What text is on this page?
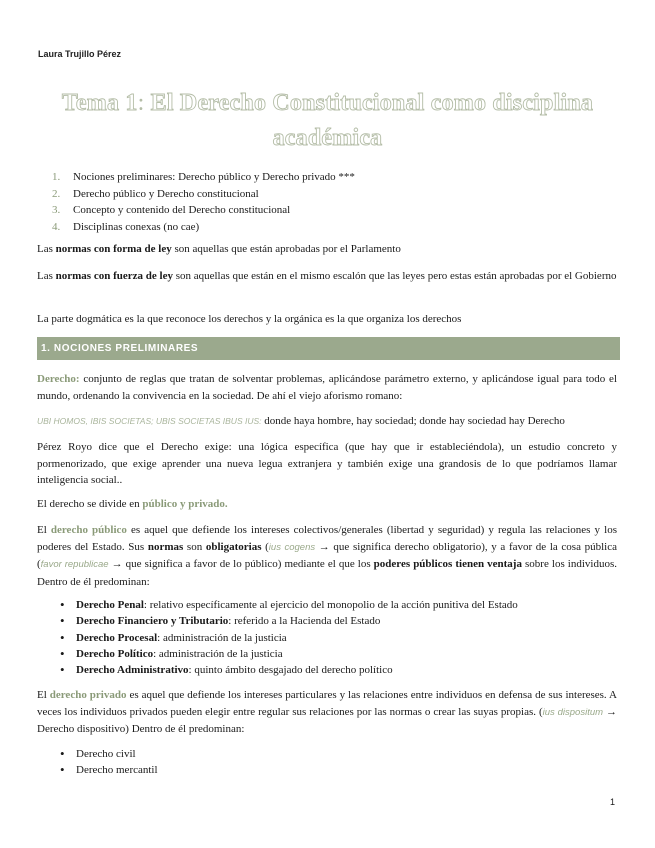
Laura Trujillo Pérez
Tema 1: El Derecho Constitucional como disciplina académica
1. Nociones preliminares: Derecho público y Derecho privado ***
2. Derecho público y Derecho constitucional
3. Concepto y contenido del Derecho constitucional
4. Disciplinas conexas (no cae)

Las normas con forma de ley son aquellas que están aprobadas por el Parlamento

Las normas con fuerza de ley son aquellas que están en el mismo escalón que las leyes pero estas están aprobadas por el Gobierno

La parte dogmática es la que reconoce los derechos y la orgánica es la que organiza los derechos

1. NOCIONES PRELIMINARES

Derecho: conjunto de reglas que tratan de solventar problemas, aplicándose parámetro externo, y aplicándose igual para todo el mundo, ordenando la convivencia en la sociedad. De ahí el viejo aforismo romano:

UBI HOMOS, IBIS SOCIETAS; UBIS SOCIETAS IBUS IUS: donde haya hombre, hay sociedad; donde hay sociedad hay Derecho

Pérez Royo dice que el Derecho exige: una lógica específica (que hay que ir estableciéndola), un estudio concreto y pormenorizado, que exige aprender una nueva legua extranjera y también exige una grandosis de lo que podríamos llamar inteligencia social..

El derecho se divide en público y privado.

El derecho público es aquel que defiende los intereses colectivos/generales (libertad y seguridad) y regula las relaciones y los poderes del Estado. Sus normas son obligatorias (ius cogens → que significa derecho obligatorio), y a favor de la cosa pública (favor republicae → que significa a favor de lo público) mediante el que los poderes públicos tienen ventaja sobre los individuos. Dentro de él predominan:

• Derecho Penal: relativo específicamente al ejercicio del monopolio de la acción punitiva del Estado
• Derecho Financiero y Tributario: referido a la Hacienda del Estado
• Derecho Procesal: administración de la justicia
• Derecho Político: administración de la justicia
• Derecho Administrativo: quinto ámbito desgajado del derecho político

El derecho privado es aquel que defiende los intereses particulares y las relaciones entre individuos en defensa de sus intereses. A veces los individuos privados pueden elegir entre regular sus relaciones por las normas o crear las suyas propias. (ius dispositum → Derecho dispositivo) Dentro de él predominan:

• Derecho civil
• Derecho mercantil
1
